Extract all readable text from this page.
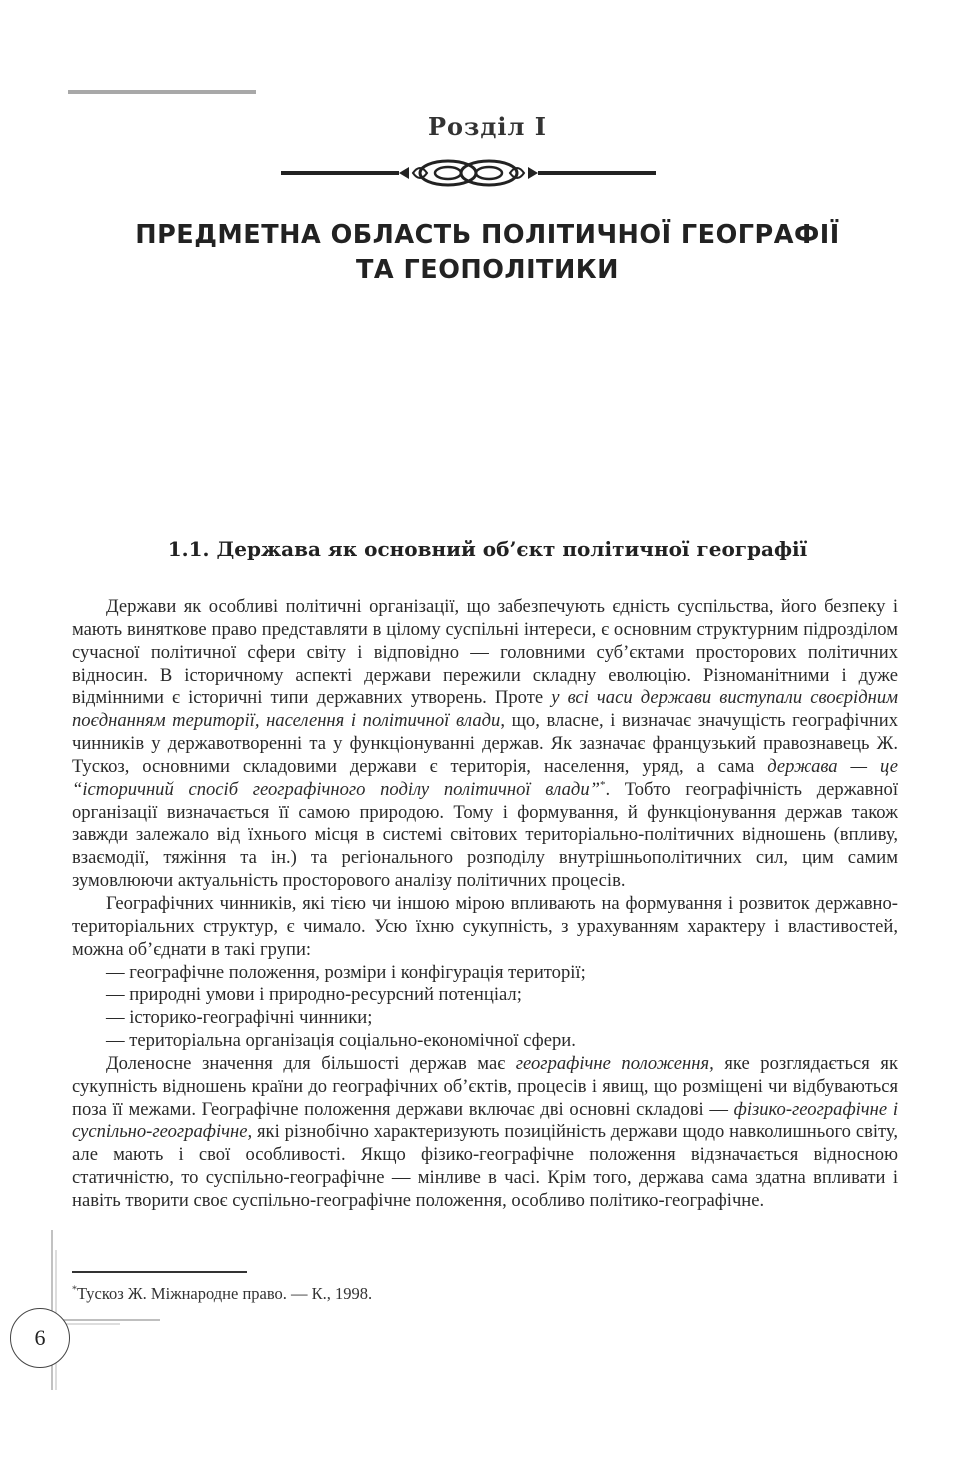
Розділ I
ПРЕДМЕТНА ОБЛАСТЬ ПОЛІТИЧНОЇ ГЕОГРАФІЇ
ТА ГЕОПОЛІТИКИ
1.1. Держава як основний об’єкт політичної географії

Держави як особливі політичні організації, що забезпечують єдність суспільства, його безпеку і мають виняткове право представляти в цілому суспільні інтереси, є основним структурним підрозділом сучасної політичної сфери світу і відповідно — головними суб’єктами просторових політичних відносин. В історичному аспекті держави пережили складну еволюцію. Різноманітними і дуже відмінними є історичні типи державних утворень. Проте у всі часи держави виступали своєрідним поєднанням території, населення і політичної влади, що, власне, і визначає значущість географічних чинників у державотворенні та у функціонуванні держав. Як зазначає французький правознавець Ж. Тускоз, основними складовими держави є територія, населення, уряд, а сама держава — це “історичний спосіб географічного поділу політичної влади”*. Тобто географічність державної організації визначається її самою природою. Тому і формування, й функціонування держав також завжди залежало від їхнього місця в системі світових територіально-політичних відношень (впливу, взаємодії, тяжіння та ін.) та регіонального розподілу внутрішньополітичних сил, цим самим зумовлюючи актуальність просторового аналізу політичних процесів.

Географічних чинників, які тією чи іншою мірою впливають на формування і розвиток державно-територіальних структур, є чимало. Усю їхню сукупність, з урахуванням характеру і властивостей, можна об’єднати в такі групи:

— географічне положення, розміри і конфігурація території;
— природні умови і природно-ресурсний потенціал;
— історико-географічні чинники;
— територіальна організація соціально-економічної сфери.

Доленосне значення для більшості держав має географічне положення, яке розглядається як сукупність відношень країни до географічних об’єктів, процесів і явищ, що розміщені чи відбуваються поза її межами. Географічне положення держави включає дві основні складові — фізико-географічне і суспільно-географічне, які різнобічно характеризують позиційність держави щодо навколишнього світу, але мають і свої особливості. Якщо фізико-географічне положення відзначається відносною статичністю, то суспільно-географічне — мінливе в часі. Крім того, держава сама здатна впливати і навіть творити своє суспільно-географічне положення, особливо політико-географічне.

*Тускоз Ж. Міжнародне право. — К., 1998.
6
